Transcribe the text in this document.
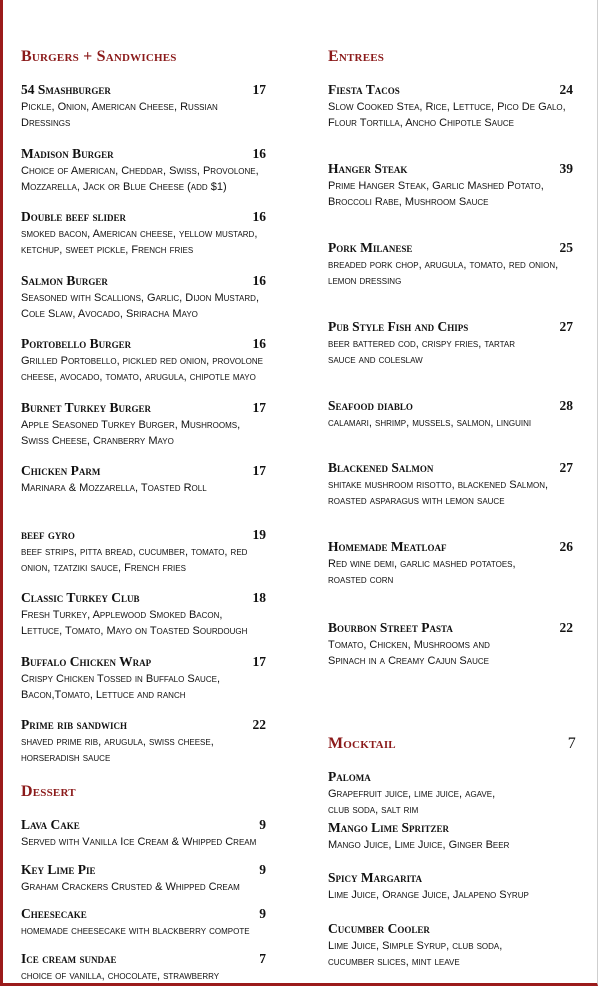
Burgers + Sandwiches
54 Smashburger	17
Pickle, Onion, American Cheese, Russian
Dressings
Madison Burger	16
Choice of American, Cheddar, Swiss, Provolone,
Mozzarella, Jack or Blue Cheese (add $1)
Double beef slider	16
smoked bacon, American cheese, yellow mustard,
ketchup, sweet pickle, French fries
Salmon Burger	16
Seasoned with Scallions, Garlic, Dijon Mustard,
Cole Slaw, Avocado, Sriracha Mayo
Portobello Burger	16
Grilled Portobello, pickled red onion, provolone
cheese, avocado, tomato, arugula, chipotle mayo
Burnet Turkey Burger	17
Apple Seasoned Turkey Burger, Mushrooms,
Swiss Cheese, Cranberry Mayo
Chicken Parm	17
Marinara & Mozzarella, Toasted Roll
beef gyro	19
beef strips, pitta bread, cucumber, tomato, red
onion, tzatziki sauce, French fries
Classic Turkey Club	18
Fresh Turkey, Applewood Smoked Bacon,
Lettuce, Tomato, Mayo on Toasted Sourdough
Buffalo Chicken Wrap	17
Crispy Chicken Tossed in Buffalo Sauce,
Bacon,Tomato, Lettuce and ranch
Prime rib sandwich	22
shaved prime rib, arugula, swiss cheese,
horseradish sauce
Dessert
Lava Cake	9
Served with Vanilla Ice Cream & Whipped Cream
Key Lime Pie	9
Graham Crackers Crusted & Whipped Cream
Cheesecake	9
homemade cheesecake with blackberry compote
Ice cream sundae	7
choice of vanilla, chocolate, strawberry
Entrees
Fiesta Tacos	24
Slow Cooked Stea, Rice, Lettuce, Pico De Galo,
Flour Tortilla, Ancho Chipotle Sauce
Hanger Steak	39
Prime Hanger Steak, Garlic Mashed Potato,
Broccoli Rabe, Mushroom Sauce
Pork Milanese	25
breaded pork chop, arugula, tomato, red onion,
lemon dressing
Pub Style Fish and Chips	27
beer battered cod, crispy fries, tartar
sauce and coleslaw
Seafood diablo	28
calamari, shrimp, mussels, salmon, linguini
Blackened Salmon	27
shitake mushroom risotto, blackened Salmon,
roasted asparagus with lemon sauce
Homemade Meatloaf	26
Red wine demi, garlic mashed potatoes,
roasted corn
Bourbon Street Pasta	22
Tomato, Chicken, Mushrooms and
Spinach in a Creamy Cajun Sauce
Mocktail	7
Paloma
Grapefruit juice, lime juice, agave,
club soda, salt rim
Mango Lime Spritzer
Mango Juice, Lime Juice, Ginger Beer
Spicy Margarita
Lime Juice, Orange Juice, Jalapeno Syrup
Cucumber Cooler
Lime Juice, Simple Syrup, club soda,
cucumber slices, mint leave
